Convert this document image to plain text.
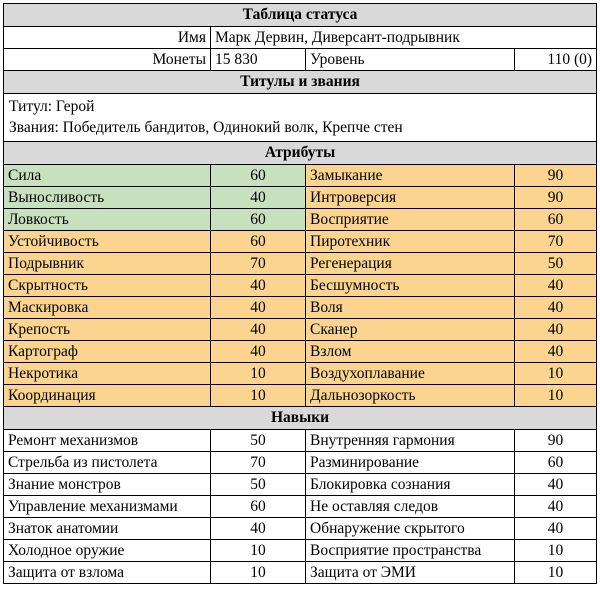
Таблица статуса			
Имя	Марк Дервин, Диверсант-подрывник		
Монеты	15 830	Уровень	110 (0)
Титулы и звания			

Титул: Герой
Звания: Победитель бандитов, Одинокий волк, Крепче стен			

Атрибуты			
Сила	60	Замыкание	90
Выносливость	40	Интроверсия	90
Ловкость	60	Восприятие	60
Устойчивость	60	Пиротехник	70
Подрывник	70	Регенерация	50
Скрытность	40	Бесшумность	40
Маскировка	40	Воля	40
Крепость	40	Сканер	40
Картограф	40	Взлом	40
Некротика	10	Воздухоплавание	10
Координация	10	Дальнозоркость	10
Навыки			
Ремонт механизмов	50	Внутренняя гармония	90
Стрельба из пистолета	70	Разминирование	60
Знание монстров	50	Блокировка сознания	40
Управление механизмами	60	Не оставляя следов	40
Знаток анатомии	40	Обнаружение скрытого	40
Холодное оружие	10	Восприятие пространства	10
Защита от взлома	10	Защита от ЭМИ	10
